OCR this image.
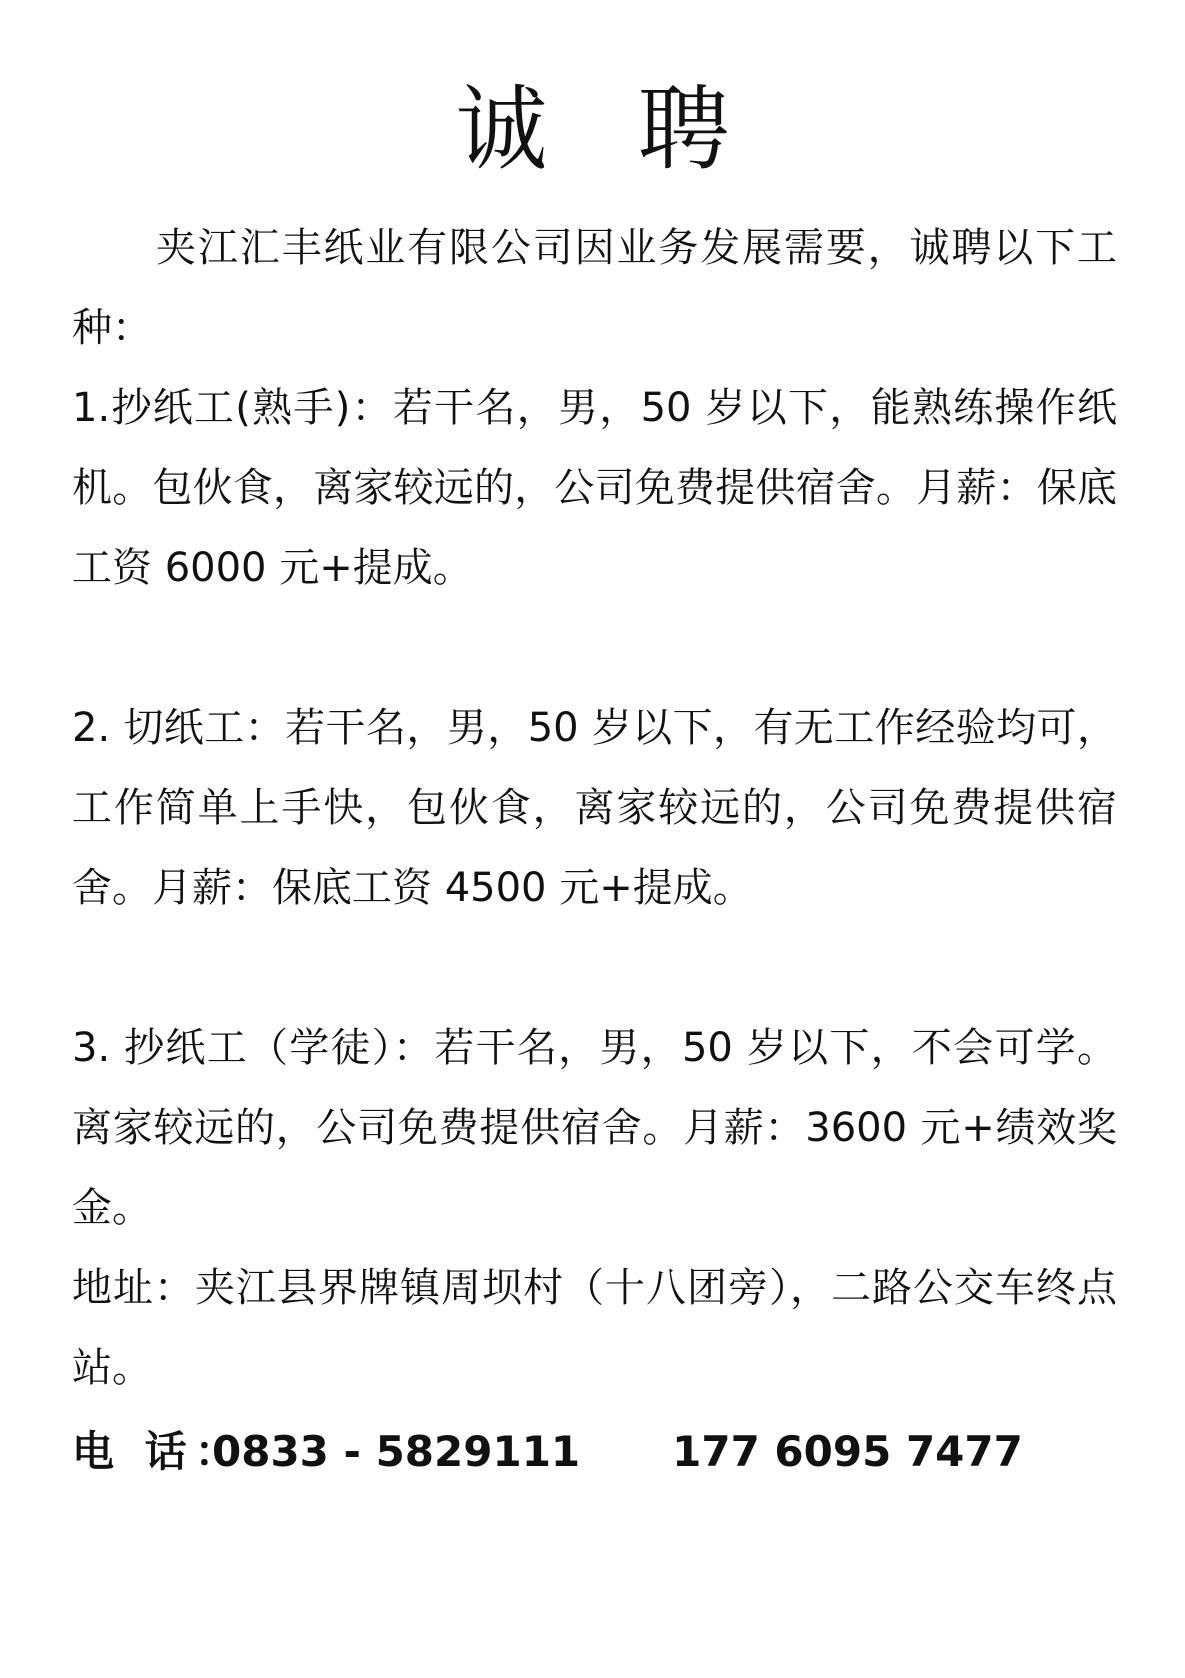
诚 聘

夹江汇丰纸业有限公司因业务发展需要，诚聘以下工种：

1.抄纸工(熟手)：若干名，男，50 岁以下，能熟练操作纸机。包伙食，离家较远的，公司免费提供宿舍。月薪：保底工资 6000 元+提成。

2. 切纸工：若干名，男，50 岁以下，有无工作经验均可，工作简单上手快，包伙食，离家较远的，公司免费提供宿舍。月薪：保底工资 4500 元+提成。

3. 抄纸工（学徒）：若干名，男，50 岁以下，不会可学。离家较远的，公司免费提供宿舍。月薪：3600 元+绩效奖金。

地址：夹江县界牌镇周坝村（十八团旁），二路公交车终点站。

电 话：0833 - 5829111 177 6095 7477
